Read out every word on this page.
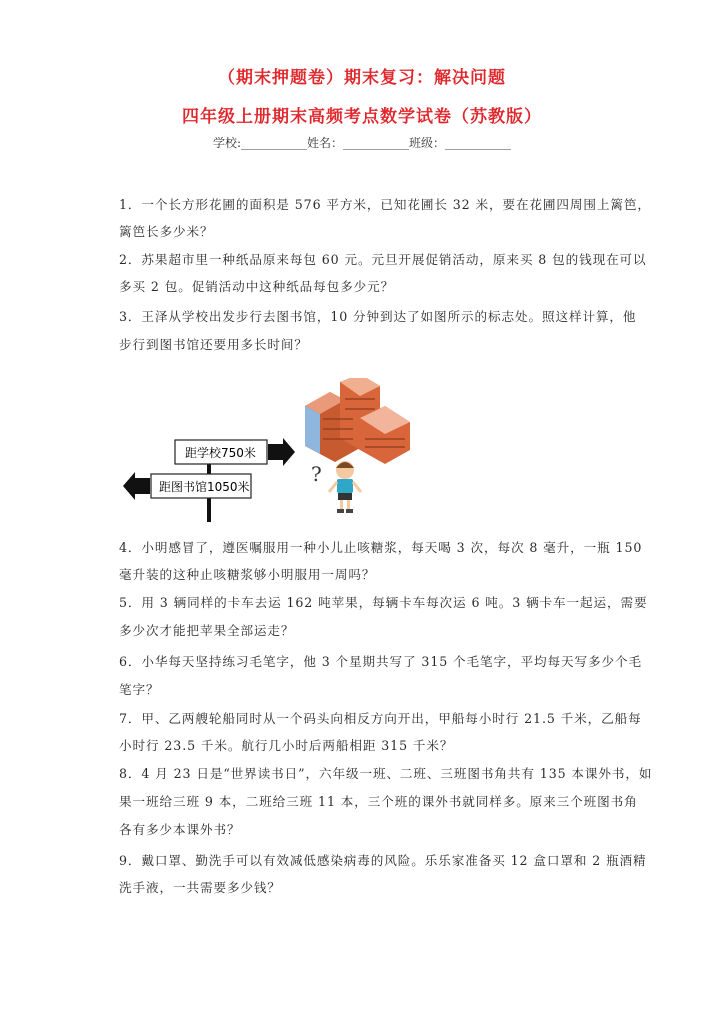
（期末押题卷）期末复习：解决问题
四年级上册期末高频考点数学试卷（苏教版）
学校:___________姓名：___________班级：___________
1．一个长方形花圃的面积是 576 平方米，已知花圃长 32 米，要在花圃四周围上篱笆，
篱笆长多少米？
2．苏果超市里一种纸品原来每包 60 元。元旦开展促销活动，原来买 8 包的钱现在可以
多买 2 包。促销活动中这种纸品每包多少元？
3．王泽从学校出发步行去图书馆，10 分钟到达了如图所示的标志处。照这样计算，他
步行到图书馆还要用多长时间？
距学校750米
距图书馆1050米
?
4．小明感冒了，遵医嘱服用一种小儿止咳糖浆，每天喝 3 次，每次 8 毫升，一瓶 150
毫升装的这种止咳糖浆够小明服用一周吗？
5．用 3 辆同样的卡车去运 162 吨苹果，每辆卡车每次运 6 吨。3 辆卡车一起运，需要
多少次才能把苹果全部运走？
6．小华每天坚持练习毛笔字，他 3 个星期共写了 315 个毛笔字，平均每天写多少个毛
笔字？
7．甲、乙两艘轮船同时从一个码头向相反方向开出，甲船每小时行 21.5 千米，乙船每
小时行 23.5 千米。航行几小时后两船相距 315 千米？
8．4 月 23 日是“世界读书日”，六年级一班、二班、三班图书角共有 135 本课外书，如
果一班给三班 9 本，二班给三班 11 本，三个班的课外书就同样多。原来三个班图书角
各有多少本课外书？
9．戴口罩、勤洗手可以有效减低感染病毒的风险。乐乐家准备买 12 盒口罩和 2 瓶酒精
洗手液，一共需要多少钱？
